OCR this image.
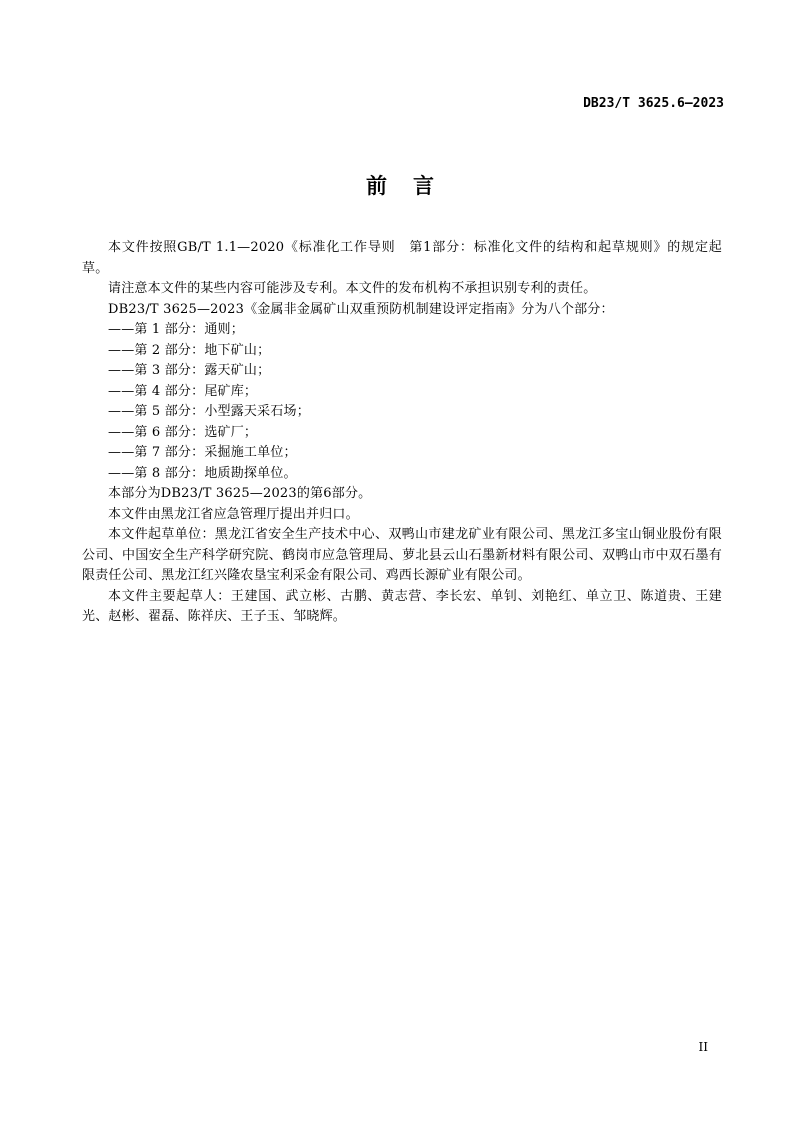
DB23/T 3625.6—2023
前言

本文件按照GB/T 1.1—2020《标准化工作导则　第1部分：标准化文件的结构和起草规则》的规定起草。

请注意本文件的某些内容可能涉及专利。本文件的发布机构不承担识别专利的责任。

DB23/T 3625—2023《金属非金属矿山双重预防机制建设评定指南》分为八个部分：

——第 1 部分：通则；

——第 2 部分：地下矿山；

——第 3 部分：露天矿山；

——第 4 部分：尾矿库；

——第 5 部分：小型露天采石场；

——第 6 部分：选矿厂；

——第 7 部分：采掘施工单位；

——第 8 部分：地质勘探单位。

本部分为DB23/T 3625—2023的第6部分。

本文件由黑龙江省应急管理厅提出并归口。

本文件起草单位：黑龙江省安全生产技术中心、双鸭山市建龙矿业有限公司、黑龙江多宝山铜业股份有限公司、中国安全生产科学研究院、鹤岗市应急管理局、萝北县云山石墨新材料有限公司、双鸭山市中双石墨有限责任公司、黑龙江红兴隆农垦宝利采金有限公司、鸡西长源矿业有限公司。

本文件主要起草人：王建国、武立彬、古鹏、黄志营、李长宏、单钊、刘艳红、单立卫、陈道贵、王建光、赵彬、翟磊、陈祥庆、王子玉、邹晓辉。

II
